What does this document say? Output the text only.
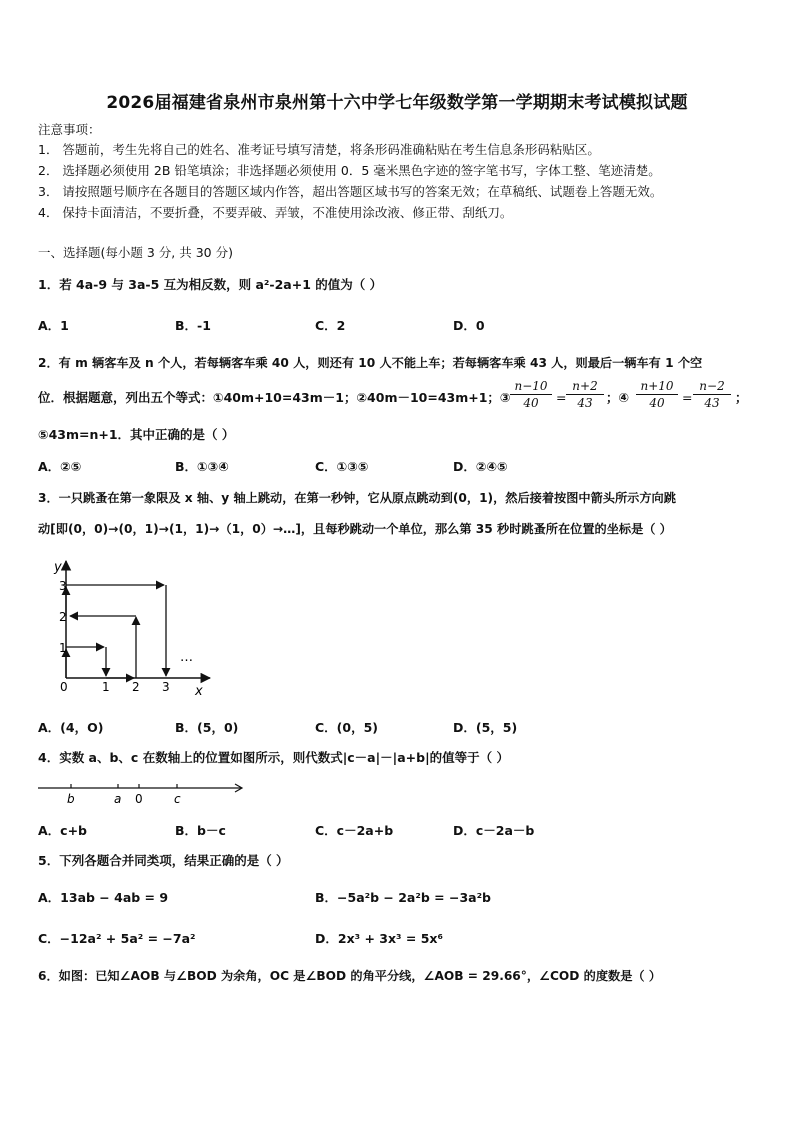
2026届福建省泉州市泉州第十六中学七年级数学第一学期期末考试模拟试题
注意事项：
1． 答题前，考生先将自己的姓名、准考证号填写清楚，将条形码准确粘贴在考生信息条形码粘贴区。
2． 选择题必须使用 2B 铅笔填涂；非选择题必须使用 0．5 毫米黑色字迹的签字笔书写，字体工整、笔迹清楚。
3． 请按照题号顺序在各题目的答题区域内作答，超出答题区域书写的答案无效；在草稿纸、试题卷上答题无效。
4． 保持卡面清洁，不要折叠，不要弄破、弄皱，不准使用涂改液、修正带、刮纸刀。
一、选择题(每小题 3 分, 共 30 分)
1．若 4a-9 与 3a-5 互为相反数，则 a²-2a+1 的值为（ ）
A．1	B．-1	C．2	D．0
2．有 m 辆客车及 n 个人，若每辆客车乘 40 人，则还有 10 人不能上车；若每辆客车乘 43 人，则最后一辆车有 1 个空
位．根据题意，列出五个等式：①40m+10=43m－1；②40m－10=43m+1；③ $\frac{n-10}{40} = \frac{n+2}{43}$ ；④ $\frac{n+10}{40} = \frac{n-2}{43}$ ；
⑤43m=n+1．其中正确的是（ ）
A．②⑤	B．①③④	C．①③⑤	D．②④⑤
3．一只跳蚤在第一象限及 x 轴、y 轴上跳动，在第一秒钟，它从原点跳动到(0，1)，然后接着按图中箭头所示方向跳
动[即(0，0)→(0，1)→(1，1)→（1，0）→…]，且每秒跳动一个单位，那么第 35 秒时跳蚤所在位置的坐标是（ ）
y
x
0	1 2 3
1
2
3
…
A．(4，O)	B．(5，0)	C．(0，5)	D．(5，5)
4．实数 a、b、c 在数轴上的位置如图所示，则代数式|c－a|－|a+b|的值等于（ ）
b	a 0	c
A．c+b	B．b－c	C．c－2a+b	D．c－2a－b
5．下列各题合并同类项，结果正确的是（ ）
A．13ab − 4ab = 9	B．−5a²b − 2a²b = −3a²b
C．−12a² + 5a² = −7a²	D．2x³ + 3x³ = 5x⁶
6．如图：已知∠AOB 与∠BOD 为余角，OC 是∠BOD 的角平分线，∠AOB = 29.66°，∠COD 的度数是（ ）
